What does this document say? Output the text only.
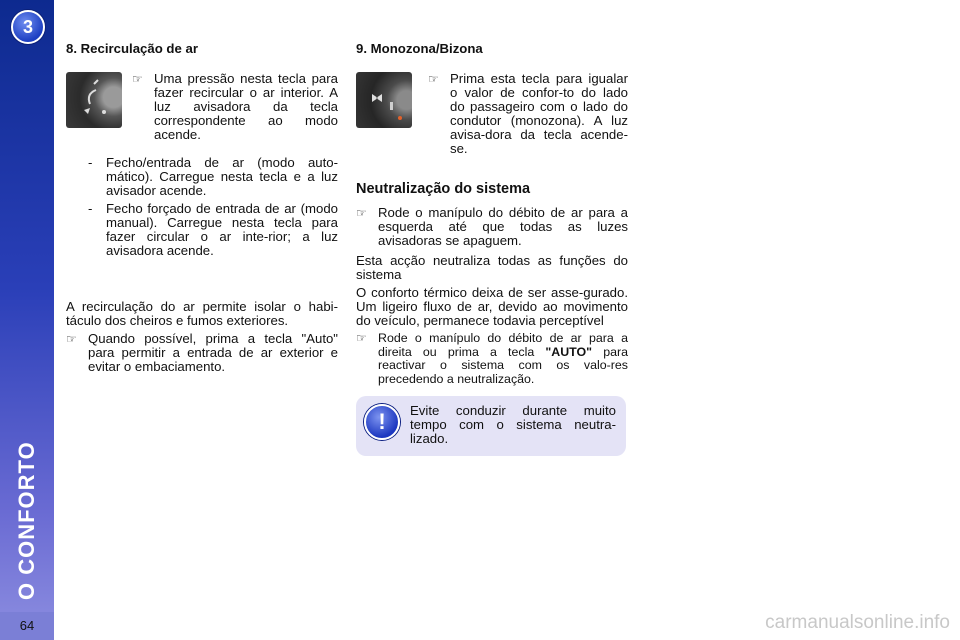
3
O CONFORTO
64
8. Recirculação de ar
☞ Uma pressão nesta tecla para fazer recircular o ar interior. A luz avisadora da tecla correspondente ao modo acende.
-	Fecho/entrada de ar (modo auto-mático). Carregue nesta tecla e a luz avisador acende.
-	Fecho forçado de entrada de ar (modo manual). Carregue nesta tecla para fazer circular o ar inte-rior; a luz avisadora acende.
A recirculação do ar permite isolar o habi-táculo dos cheiros e fumos exteriores.
☞ Quando possível, prima a tecla "Auto" para permitir a entrada de ar exterior e evitar o embaciamento.
9. Monozona/Bizona
☞ Prima esta tecla para igualar o valor de confor-to do lado do passageiro com o lado do condutor (monozona). A luz avisa-dora da tecla acende-se.
Neutralização do sistema
☞ Rode o manípulo do débito de ar para a esquerda até que todas as luzes avisadoras se apaguem.
Esta acção neutraliza todas as funções do sistema
O conforto térmico deixa de ser asse-gurado. Um ligeiro fluxo de ar, devido ao movimento do veículo, permanece todavia perceptível
☞ Rode o manípulo do débito de ar para a direita ou prima a tecla "AUTO" para reactivar o sistema com os valo-res precedendo a neutralização.
!	Evite conduzir durante muito tempo com o sistema neutra-lizado.
carmanualsonline.info
